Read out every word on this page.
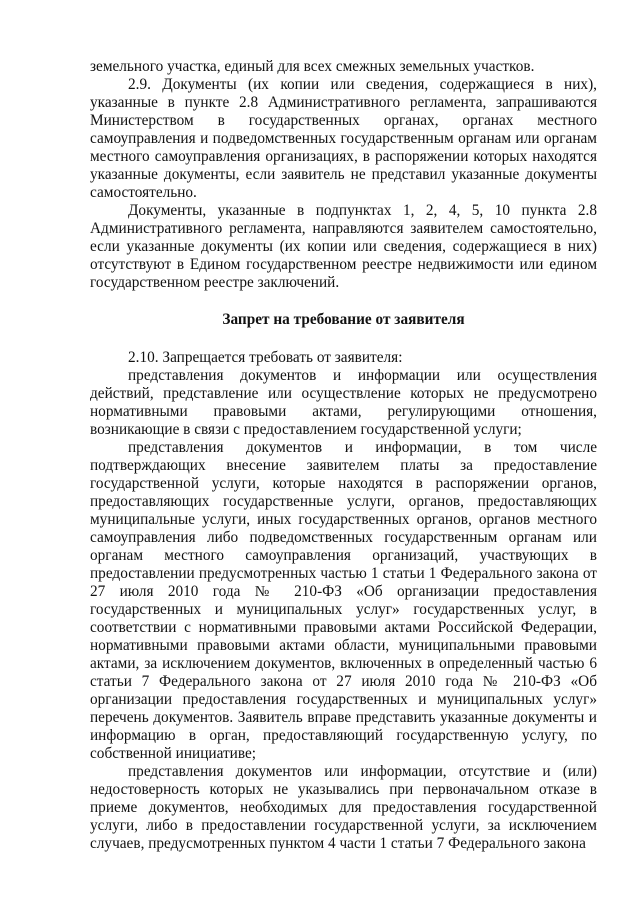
земельного участка, единый для всех смежных земельных участков.

2.9. Документы (их копии или сведения, содержащиеся в них), указанные в пункте 2.8 Административного регламента, запрашиваются Министерством в государственных органах, органах местного самоуправления и подведомственных государственным органам или органам местного самоуправления организациях, в распоряжении которых находятся указанные документы, если заявитель не представил указанные документы самостоятельно.

Документы, указанные в подпунктах 1, 2, 4, 5, 10 пункта 2.8 Административного регламента, направляются заявителем самостоятельно, если указанные документы (их копии или сведения, содержащиеся в них) отсутствуют в Едином государственном реестре недвижимости или едином государственном реестре заключений.

Запрет на требование от заявителя

2.10. Запрещается требовать от заявителя:

представления документов и информации или осуществления действий, представление или осуществление которых не предусмотрено нормативными правовыми актами, регулирующими отношения, возникающие в связи с предоставлением государственной услуги;

представления документов и информации, в том числе подтверждающих внесение заявителем платы за предоставление государственной услуги, которые находятся в распоряжении органов, предоставляющих государственные услуги, органов, предоставляющих муниципальные услуги, иных государственных органов, органов местного самоуправления либо подведомственных государственным органам или органам местного самоуправления организаций, участвующих в предоставлении предусмотренных частью 1 статьи 1 Федерального закона от 27 июля 2010 года № 210-ФЗ «Об организации предоставления государственных и муниципальных услуг» государственных услуг, в соответствии с нормативными правовыми актами Российской Федерации, нормативными правовыми актами области, муниципальными правовыми актами, за исключением документов, включенных в определенный частью 6 статьи 7 Федерального закона от 27 июля 2010 года № 210-ФЗ «Об организации предоставления государственных и муниципальных услуг» перечень документов. Заявитель вправе представить указанные документы и информацию в орган, предоставляющий государственную услугу, по собственной инициативе;

представления документов или информации, отсутствие и (или) недостоверность которых не указывались при первоначальном отказе в приеме документов, необходимых для предоставления государственной услуги, либо в предоставлении государственной услуги, за исключением случаев, предусмотренных пунктом 4 части 1 статьи 7 Федерального закона
